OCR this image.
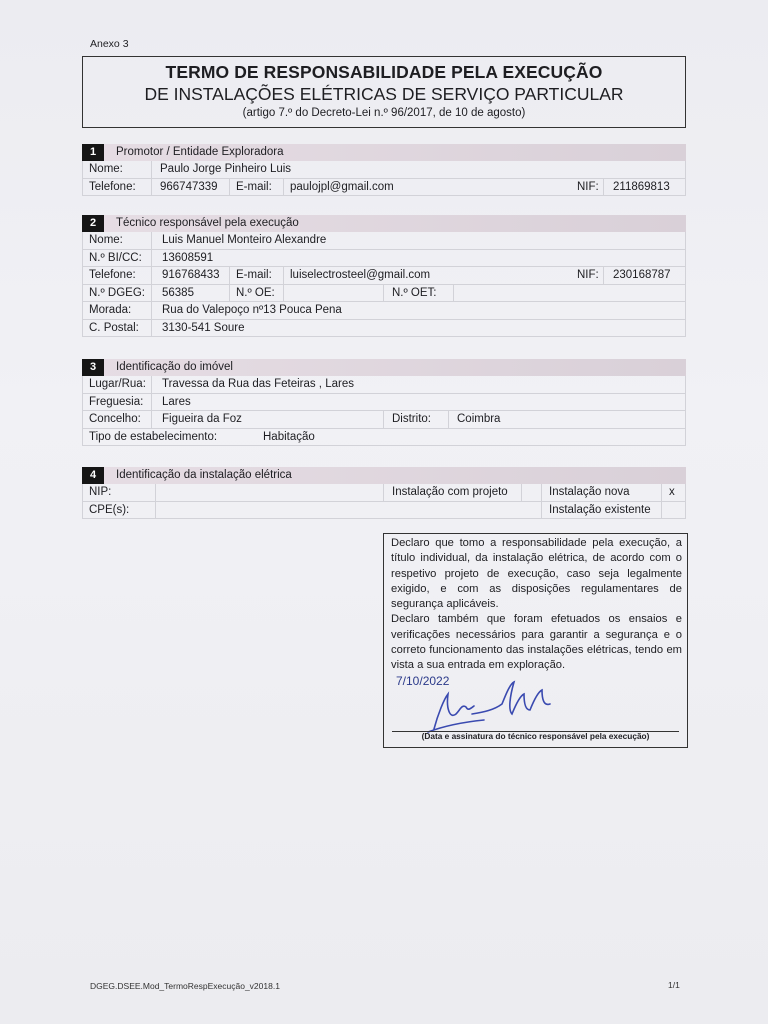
Anexo 3
TERMO DE RESPONSABILIDADE PELA EXECUÇÃO
DE INSTALAÇÕES ELÉTRICAS DE SERVIÇO PARTICULAR
(artigo 7.º do Decreto-Lei n.º 96/2017, de 10 de agosto)
1	Promotor / Entidade Exploradora
Nome:	Paulo Jorge Pinheiro Luis
Telefone: 966747339 E-mail: paulojpl@gmail.com	NIF: 211869813
2	Técnico responsável pela execução
Nome:	Luis Manuel Monteiro Alexandre
N.º BI/CC: 13608591
Telefone: 916768433 E-mail: luiselectrosteel@gmail.com	NIF: 230168787
N.º DGEG: 56385	N.º OE:	N.º OET:
Morada:	Rua do Valepoço nº13 Pouca Pena
C. Postal: 3130-541 Soure
3	Identificação do imóvel
Lugar/Rua: Travessa da Rua das Feteiras , Lares
Freguesia: Lares
Concelho: Figueira da Foz	Distrito: Coimbra
Tipo de estabelecimento:	Habitação
4	Identificação da instalação elétrica
NIP:	Instalação com projeto	Instalação nova	x
CPE(s):	Instalação existente
Declaro que tomo a responsabilidade pela execução, a título individual, da instalação elétrica, de acordo com o respetivo projeto de execução, caso seja legalmente exigido, e com as disposições regulamentares de segurança aplicáveis.
Declaro também que foram efetuados os ensaios e verificações necessários para garantir a segurança e o correto funcionamento das instalações elétricas, tendo em vista a sua entrada em exploração.
7/10/2022
(Data e assinatura do técnico responsável pela execução)
DGEG.DSEE.Mod_TermoRespExecução_v2018.1	1/1
